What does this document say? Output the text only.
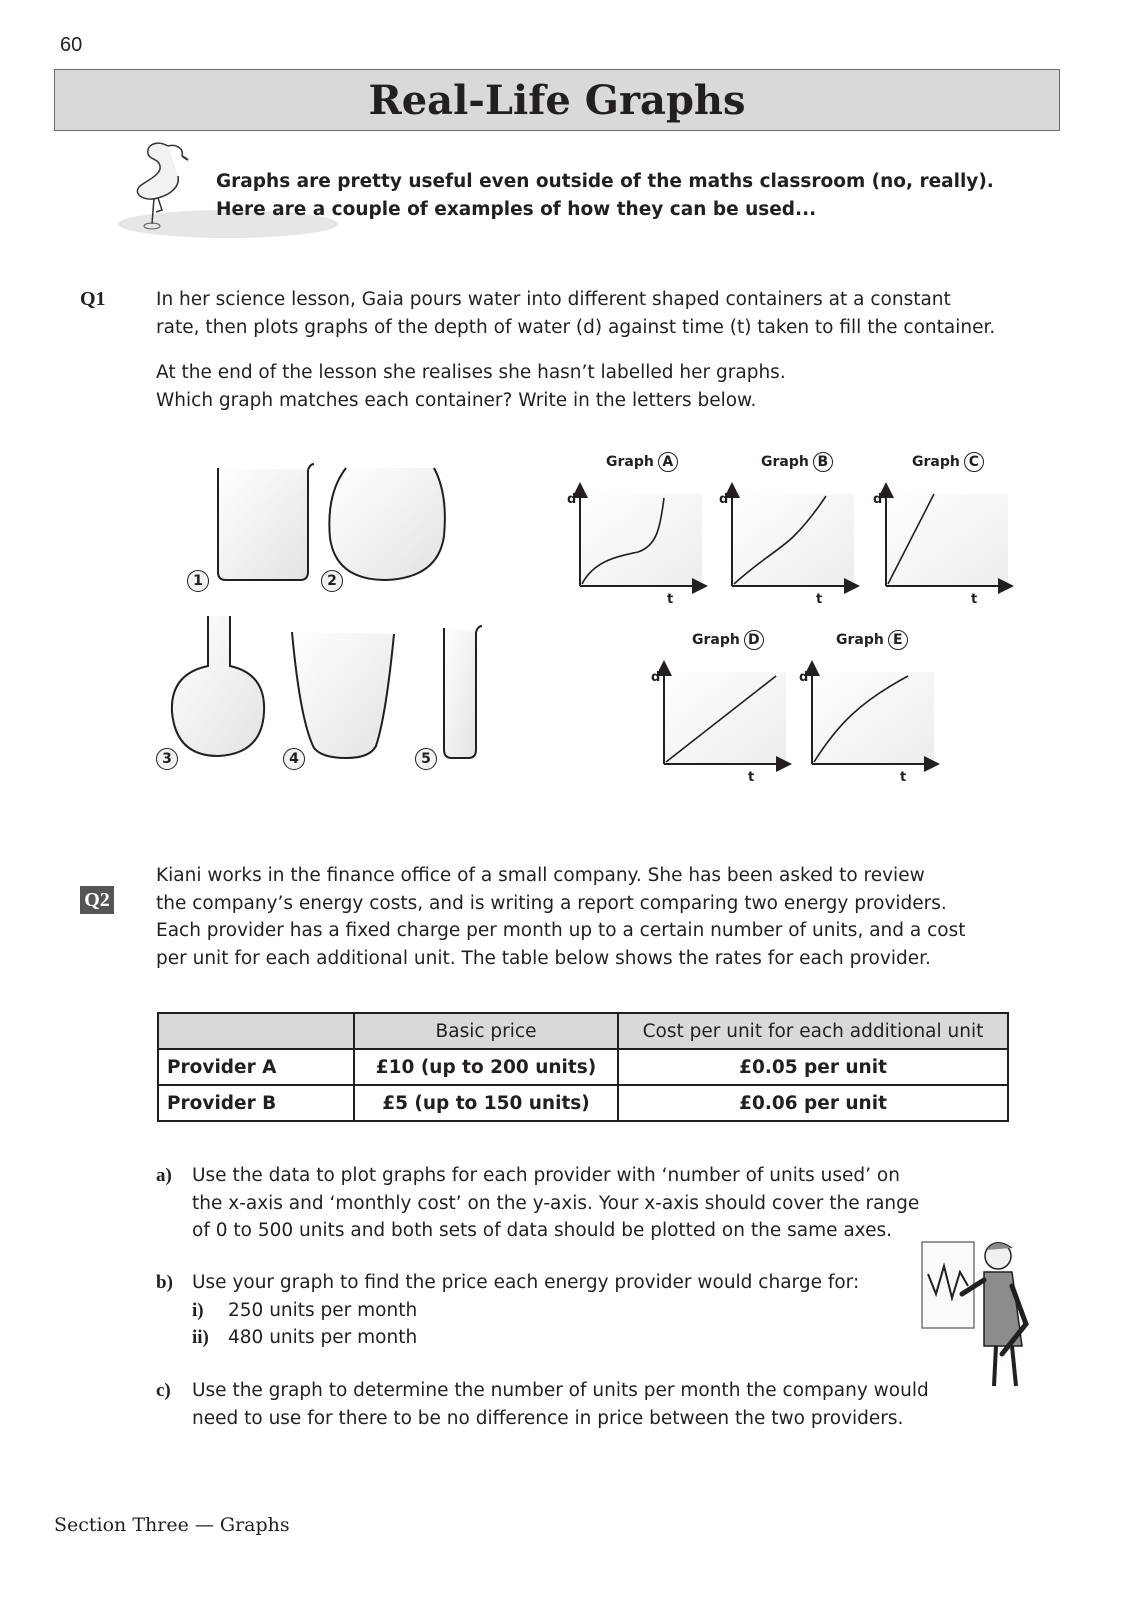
60
Real-Life Graphs
Graphs are pretty useful even outside of the maths classroom (no, really).
Here are a couple of examples of how they can be used...
Q1	In her science lesson, Gaia pours water into different shaped containers at a constant

rate, then plots graphs of the depth of water (d) against time (t) taken to fill the container.

At the end of the lesson she realises she hasn’t labelled her graphs.

Which graph matches each container? Write in the letters below.

1	2
3	4	5
Graph A	Graph B	Graph C
Graph D	Graph E
d
t
d
t
d
t
d
t
d
t
Q2

Kiani works in the finance office of a small company. She has been asked to review

the company’s energy costs, and is writing a report comparing two energy providers.

Each provider has a fixed charge per month up to a certain number of units, and a cost

per unit for each additional unit. The table below shows the rates for each provider.

	Basic price	Cost per unit for each additional unit
Provider A	£10 (up to 200 units)	£0.05 per unit
Provider B	£5 (up to 150 units)	£0.06 per unit
a) Use the data to plot graphs for each provider with ‘number of units used’ on

the x-axis and ‘monthly cost’ on the y-axis. Your x-axis should cover the range

of 0 to 500 units and both sets of data should be plotted on the same axes.

b) Use your graph to find the price each energy provider would charge for:

i) 250 units per month

ii) 480 units per month

c) Use the graph to determine the number of units per month the company would

need to use for there to be no difference in price between the two providers.

Section Three — Graphs
